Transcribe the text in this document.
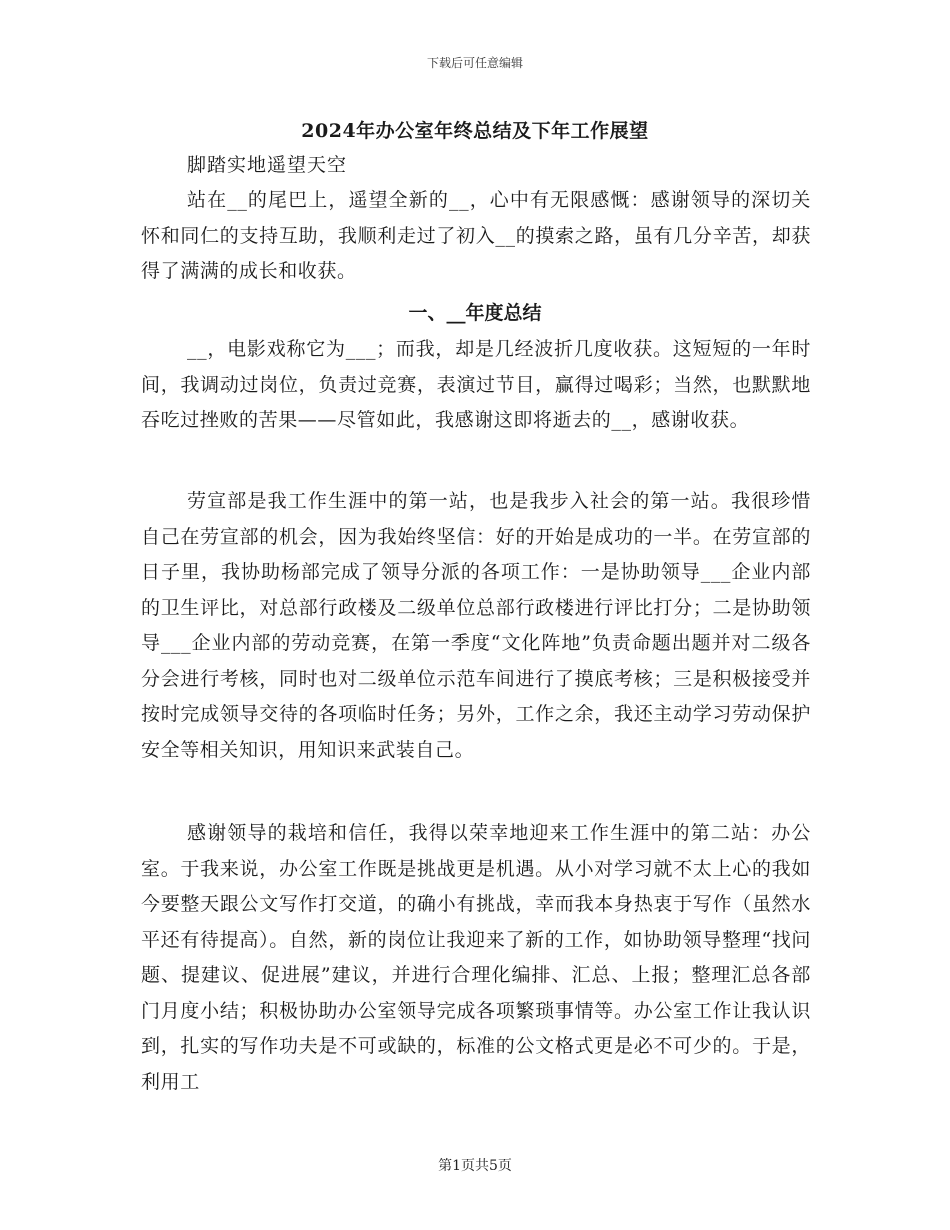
下载后可任意编辑
2024年办公室年终总结及下年工作展望
脚踏实地遥望天空

站在__的尾巴上，遥望全新的__，心中有无限感慨：感谢领导的深切关怀和同仁的支持互助，我顺利走过了初入__的摸索之路，虽有几分辛苦，却获得了满满的成长和收获。

一、__年度总结

__，电影戏称它为___；而我，却是几经波折几度收获。这短短的一年时间，我调动过岗位，负责过竞赛，表演过节目，赢得过喝彩；当然，也默默地吞吃过挫败的苦果——尽管如此，我感谢这即将逝去的__，感谢收获。

劳宣部是我工作生涯中的第一站，也是我步入社会的第一站。我很珍惜自己在劳宣部的机会，因为我始终坚信：好的开始是成功的一半。在劳宣部的日子里，我协助杨部完成了领导分派的各项工作：一是协助领导___企业内部的卫生评比，对总部行政楼及二级单位总部行政楼进行评比打分；二是协助领导___企业内部的劳动竞赛，在第一季度“文化阵地”负责命题出题并对二级各分会进行考核，同时也对二级单位示范车间进行了摸底考核；三是积极接受并按时完成领导交待的各项临时任务；另外，工作之余，我还主动学习劳动保护安全等相关知识，用知识来武装自己。

感谢领导的栽培和信任，我得以荣幸地迎来工作生涯中的第二站：办公室。于我来说，办公室工作既是挑战更是机遇。从小对学习就不太上心的我如今要整天跟公文写作打交道，的确小有挑战，幸而我本身热衷于写作（虽然水平还有待提高）。自然，新的岗位让我迎来了新的工作，如协助领导整理“找问题、提建议、促进展”建议，并进行合理化编排、汇总、上报；整理汇总各部门月度小结；积极协助办公室领导完成各项繁琐事情等。办公室工作让我认识到，扎实的写作功夫是不可或缺的，标准的公文格式更是必不可少的。于是，利用工

第1页共5页
